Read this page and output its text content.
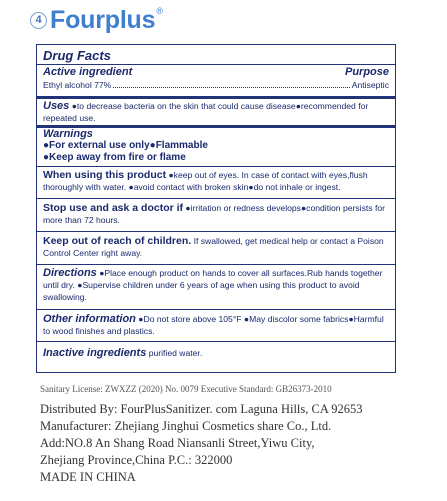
4 Fourplus ®
Drug Facts
Active ingredient	Purpose
Ethyl alcohol 77%	Antiseptic
Uses ●to decrease bacteria on the skin that could cause disease●recommended for repeated use.
Warnings
●For external use only●Flammable
●Keep away from fire or flame
When using this product ●keep out of eyes. In case of contact with eyes,flush thoroughly with water. ●avoid contact with broken skin●do not inhale or ingest.
Stop use and ask a doctor if ●irritation or redness develops●condition persists for more than 72 hours.
Keep out of reach of children. If swallowed, get medical help or contact a Poison Control Center right away.
Directions ●Place enough product on hands to cover all surfaces.Rub hands together until dry. ●Supervise children under 6 years of age when using this product to avoid swallowing.
Other information ●Do not store above 105°F ●May discolor some fabrics●Harmful to wood finishes and plastics.
Inactive ingredients purified water.
Sanitary License: ZWXZZ (2020) No. 0079 Executive Standard: GB26373-2010
Distributed By: FourPlusSanitizer. com Laguna Hills, CA 92653
Manufacturer: Zhejiang Jinghui Cosmetics share Co., Ltd.
Add:NO.8 An Shang Road Niansanli Street,Yiwu City,
Zhejiang Province,China P.C.: 322000
MADE IN CHINA
